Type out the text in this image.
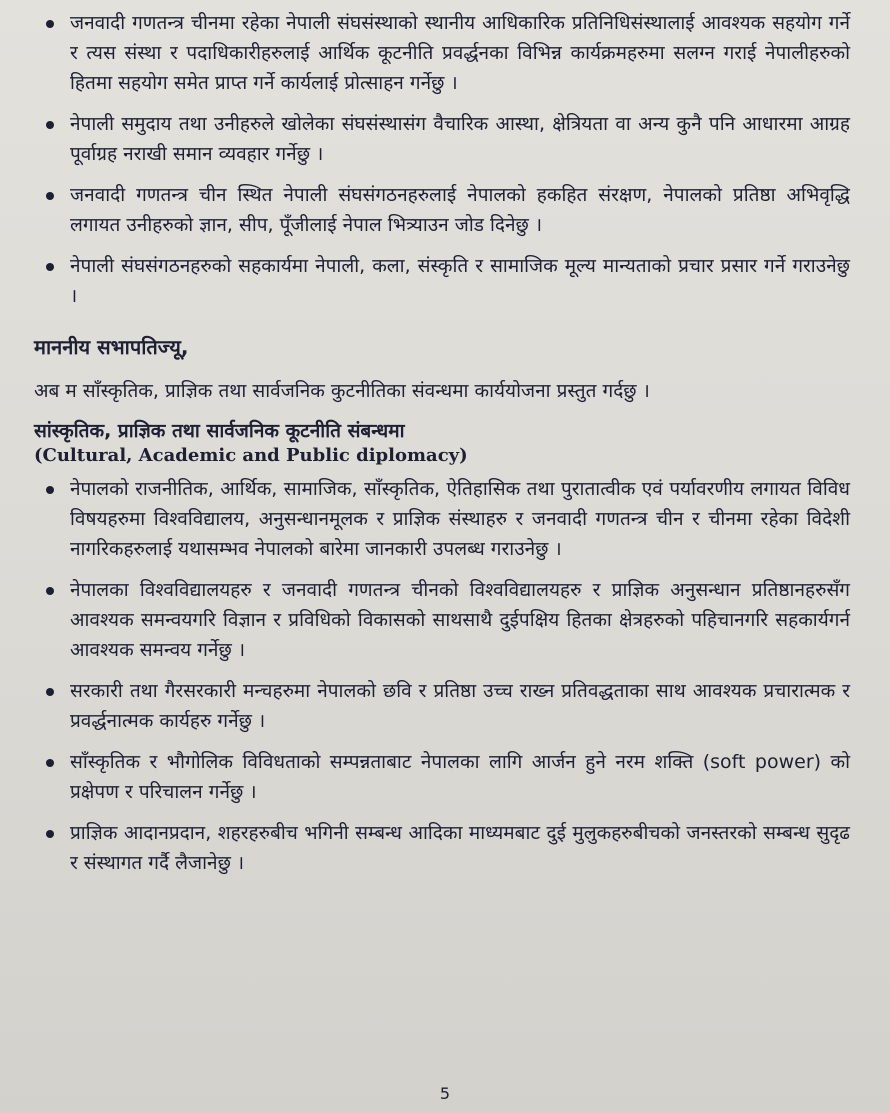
जनवादी गणतन्त्र चीनमा रहेका नेपाली संघसंस्थाको स्थानीय आधिकारिक प्रतिनिधिसंस्थालाई आवश्यक सहयोग गर्ने र त्यस संस्था र पदाधिकारीहरुलाई आर्थिक कूटनीति प्रवर्द्धनका विभिन्न कार्यक्रमहरुमा सलग्न गराई नेपालीहरुको हितमा सहयोग समेत प्राप्त गर्ने कार्यलाई प्रोत्साहन गर्नेछु ।
नेपाली समुदाय तथा उनीहरुले खोलेका संघसंस्थासंग वैचारिक आस्था, क्षेत्रियता वा अन्य कुनै पनि आधारमा आग्रह पूर्वाग्रह नराखी समान व्यवहार गर्नेछु ।
जनवादी गणतन्त्र चीन स्थित नेपाली संघसंगठनहरुलाई नेपालको हकहित संरक्षण, नेपालको प्रतिष्ठा अभिवृद्धि लगायत उनीहरुको ज्ञान, सीप, पूँजीलाई नेपाल भित्र्याउन जोड दिनेछु ।
नेपाली संघसंगठनहरुको सहकार्यमा नेपाली, कला, संस्कृति र सामाजिक मूल्य मान्यताको प्रचार प्रसार गर्ने गराउनेछु ।
माननीय सभापतिज्यू,

अब म साँस्कृतिक, प्राज्ञिक तथा सार्वजनिक कुटनीतिका संवन्धमा कार्ययोजना प्रस्तुत गर्दछु ।

सांस्कृतिक, प्राज्ञिक तथा सार्वजनिक कूटनीति संबन्धमा

(Cultural, Academic and Public diplomacy)

नेपालको राजनीतिक, आर्थिक, सामाजिक, साँस्कृतिक, ऐतिहासिक तथा पुरातात्वीक एवं पर्यावरणीय लगायत विविध विषयहरुमा विश्वविद्यालय, अनुसन्धानमूलक र प्राज्ञिक संस्थाहरु र जनवादी गणतन्त्र चीन र चीनमा रहेका विदेशी नागरिकहरुलाई यथासम्भव नेपालको बारेमा जानकारी उपलब्ध गराउनेछु ।
नेपालका विश्वविद्यालयहरु र जनवादी गणतन्त्र चीनको विश्वविद्यालयहरु र प्राज्ञिक अनुसन्धान प्रतिष्ठानहरुसँग आवश्यक समन्वयगरि विज्ञान र प्रविधिको विकासको साथसाथै दुईपक्षिय हितका क्षेत्रहरुको पहिचानगरि सहकार्यगर्न आवश्यक समन्वय गर्नेछु ।
सरकारी तथा गैरसरकारी मन्चहरुमा नेपालको छवि र प्रतिष्ठा उच्च राख्न प्रतिवद्धताका साथ आवश्यक प्रचारात्मक र प्रवर्द्धनात्मक कार्यहरु गर्नेछु ।
साँस्कृतिक र भौगोलिक विविधताको सम्पन्नताबाट नेपालका लागि आर्जन हुने नरम शक्ति (soft power) को प्रक्षेपण र परिचालन गर्नेछु ।
प्राज्ञिक आदानप्रदान, शहरहरुबीच भगिनी सम्बन्ध आदिका माध्यमबाट दुई मुलुकहरुबीचको जनस्तरको सम्बन्ध सुदृढ र संस्थागत गर्दै लैजानेछु ।
5
